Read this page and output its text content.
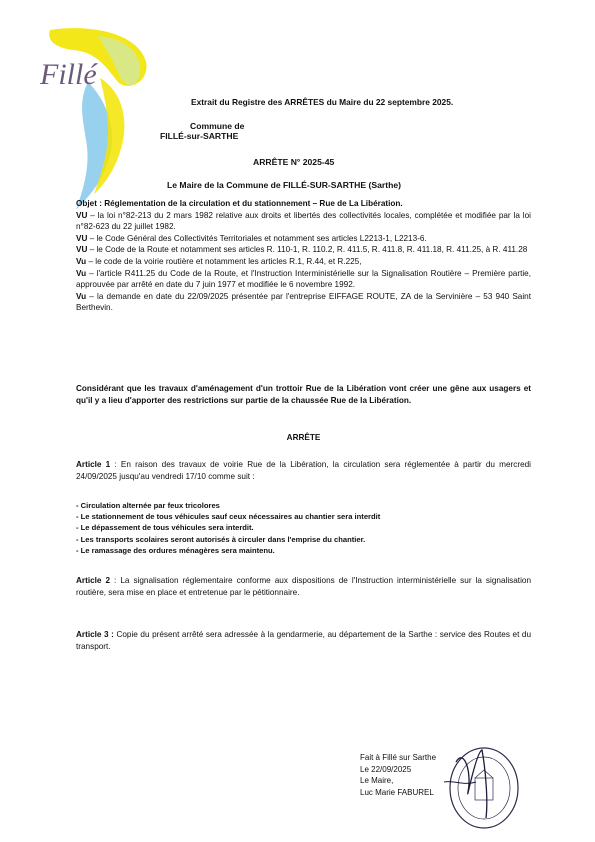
Fillé
Extrait du Registre des ARRÊTES du Maire du 22 septembre 2025.
Commune de
FILLÉ-sur-SARTHE
ARRÊTE N° 2025-45
Le Maire de la Commune de FILLÉ-SUR-SARTHE (Sarthe)

Objet : Réglementation de la circulation et du stationnement – Rue de La Libération.

VU – la loi n°82-213 du 2 mars 1982 relative aux droits et libertés des collectivités locales, complétée et modifiée par la loi n°82-623 du 22 juillet 1982.

VU – le Code Général des Collectivités Territoriales et notamment ses articles L2213-1, L2213-6.

VU – le Code de la Route et notamment ses articles R. 110-1, R. 110.2, R. 411.5, R. 411.8, R. 411.18, R. 411.25, à R. 411.28

Vu – le code de la voirie routière et notamment les articles R.1, R.44, et R.225,

Vu – l'article R411.25 du Code de la Route, et l'Instruction Interministérielle sur la Signalisation Routière – Première partie, approuvée par arrêté en date du 7 juin 1977 et modifiée le 6 novembre 1992.

Vu – la demande en date du 22/09/2025 présentée par l'entreprise EIFFAGE ROUTE, ZA de la Servinière – 53 940 Saint Berthevin.

Considérant que les travaux d'aménagement d'un trottoir Rue de la Libération vont créer une gêne aux usagers et qu'il y a lieu d'apporter des restrictions sur partie de la chaussée Rue de la Libération.
ARRÊTE

Article 1 : En raison des travaux de voirie Rue de la Libération, la circulation sera réglementée à partir du mercredi 24/09/2025 jusqu'au vendredi 17/10 comme suit :

- Circulation alternée par feux tricolores
- Le stationnement de tous véhicules sauf ceux nécessaires au chantier sera interdit
- Le dépassement de tous véhicules sera interdit.
- Les transports scolaires seront autorisés à circuler dans l'emprise du chantier.
- Le ramassage des ordures ménagères sera maintenu.

Article 2 : La signalisation réglementaire conforme aux dispositions de l'Instruction interministérielle sur la signalisation routière, sera mise en place et entretenue par le pétitionnaire.

Article 3 : Copie du présent arrêté sera adressée à la gendarmerie, au département de la Sarthe : service des Routes et du transport.

Fait à Fillé sur Sarthe
Le 22/09/2025
Le Maire,
Luc Marie FABUREL
